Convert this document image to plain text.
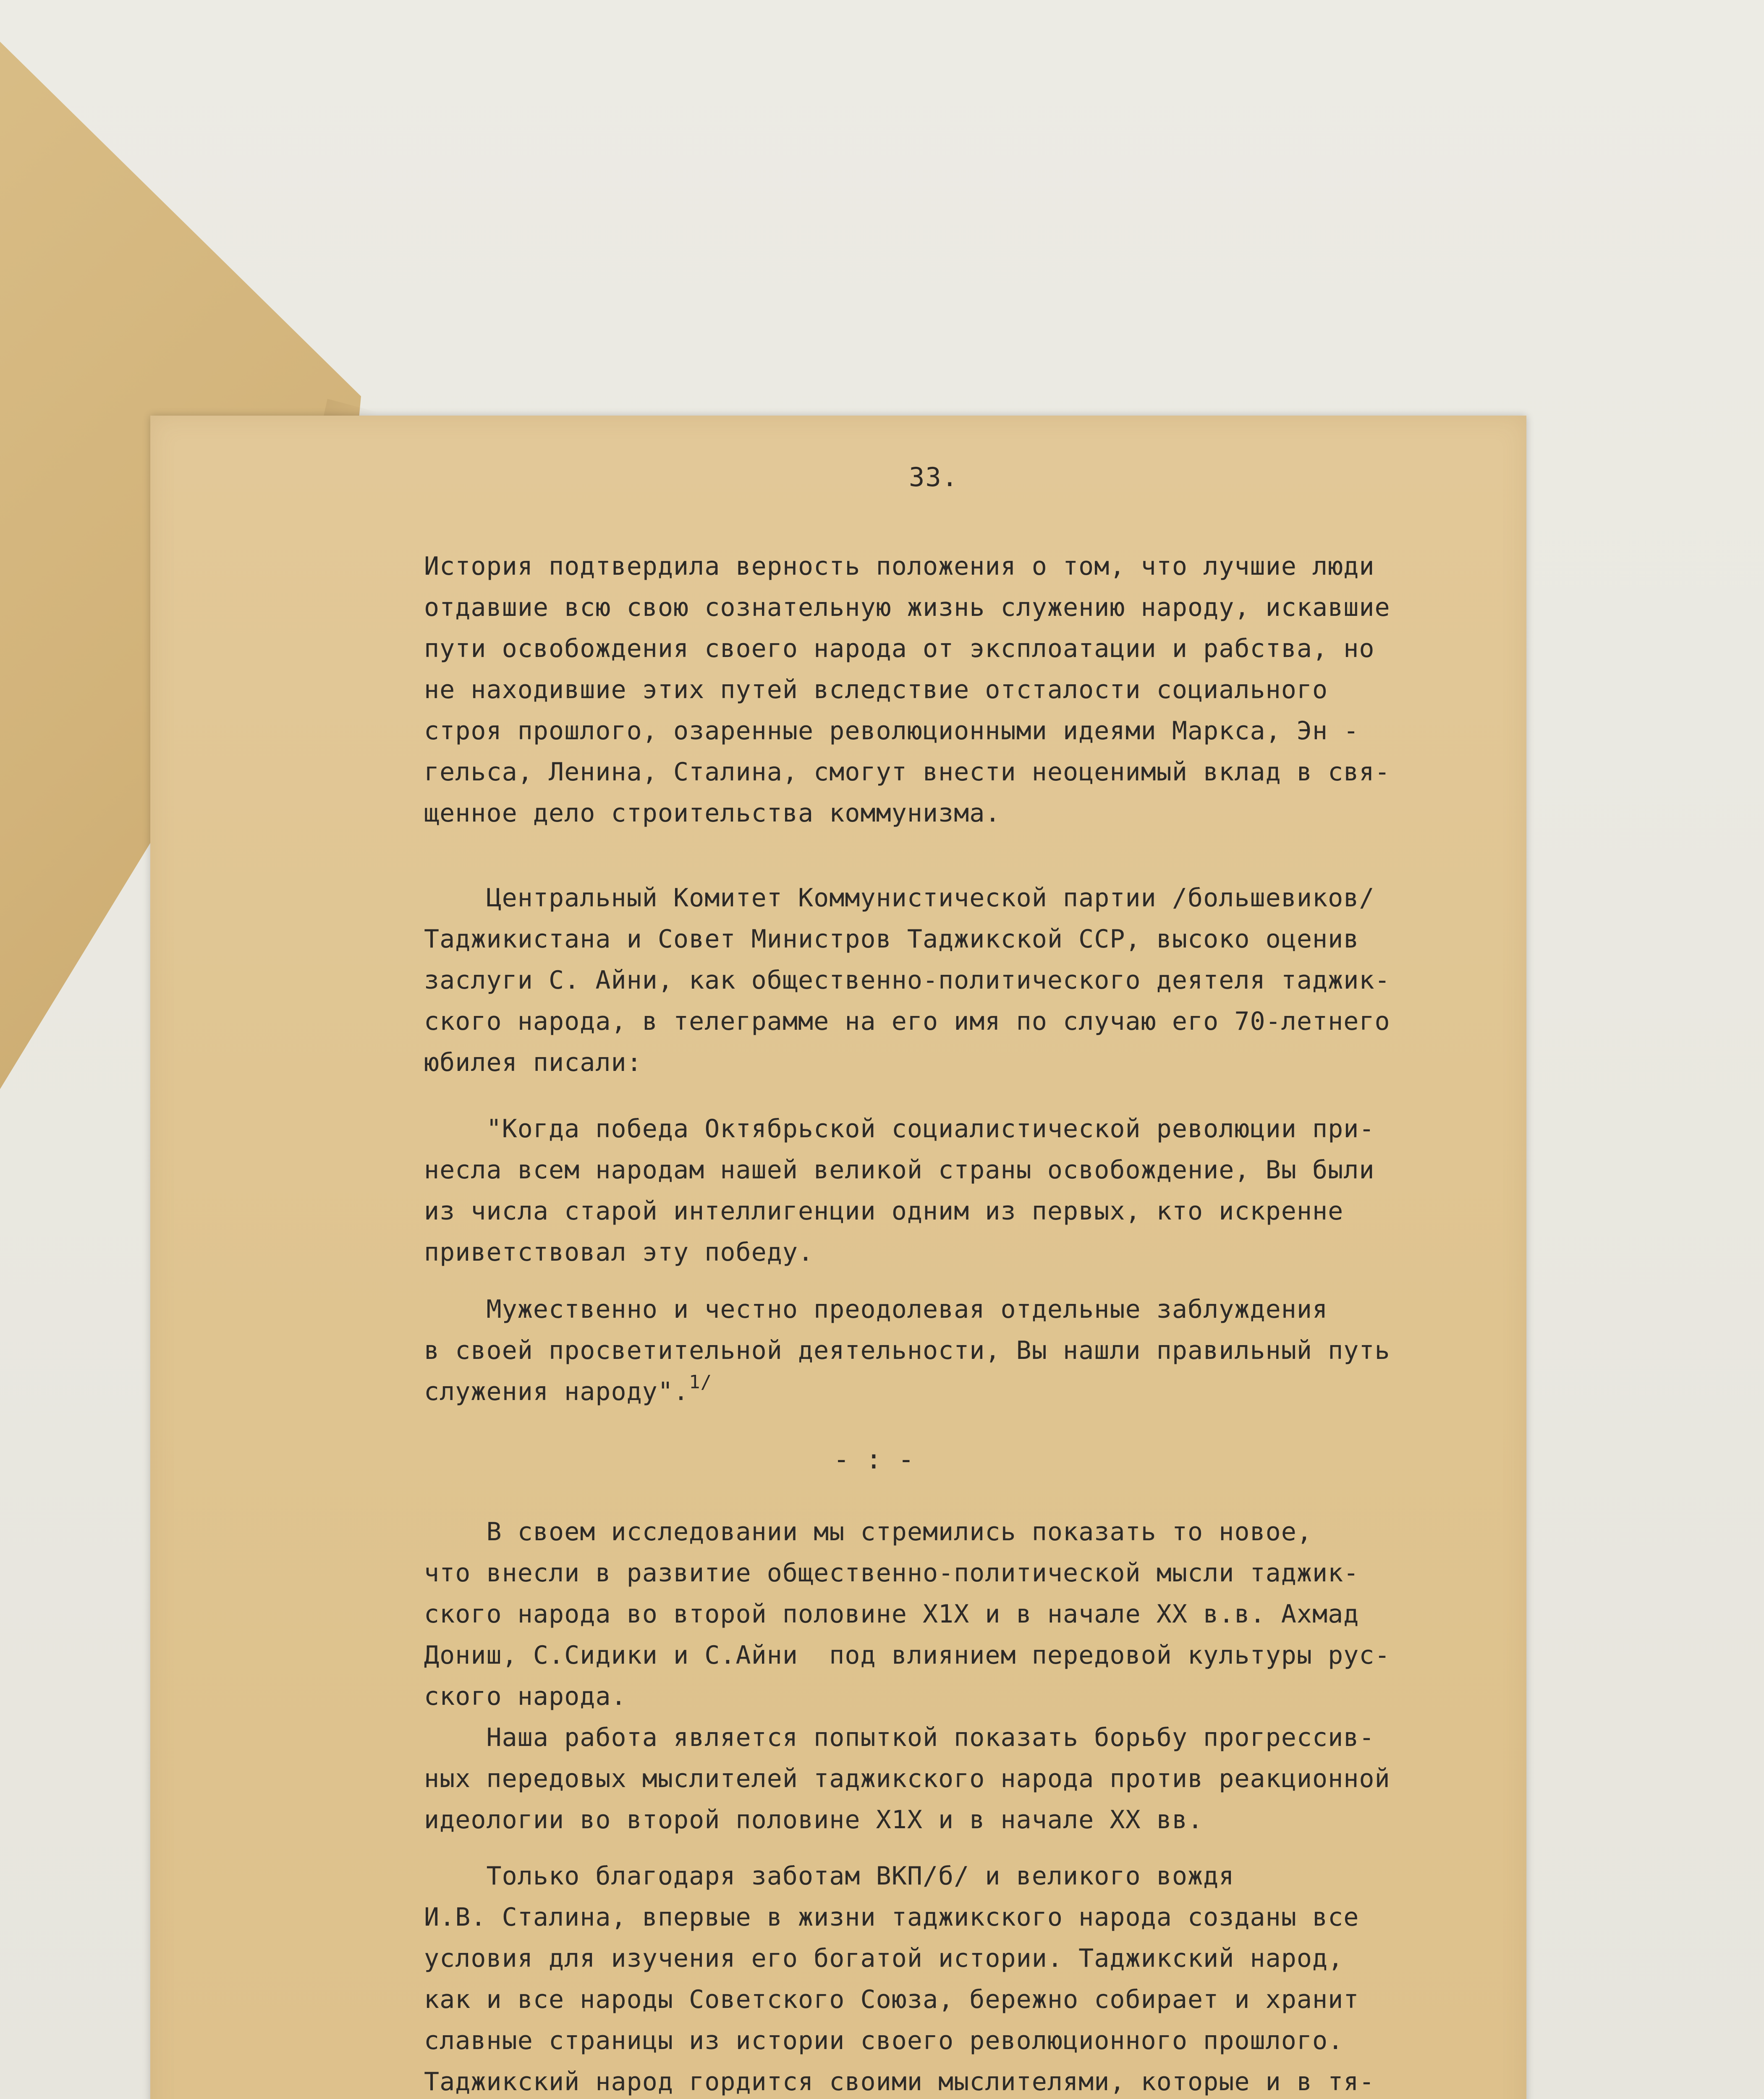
33.

История подтвердила верность положения о том, что лучшие люди

отдавшие всю свою сознательную жизнь служению народу, искавшие

пути освобождения своего народа от эксплоатации и рабства, но

не находившие этих путей вследствие отсталости социального

строя прошлого, озаренные революционными идеями Маркса, Эн -

гельса, Ленина, Сталина, смогут внести неоценимый вклад в свя-

щенное дело строительства коммунизма.

Центральный Комитет Коммунистической партии /большевиков/

Таджикистана и Совет Министров Таджикской ССР, высоко оценив

заслуги С. Айни, как общественно-политического деятеля таджик-

ского народа, в телеграмме на его имя по случаю его 70-летнего

юбилея писали:

"Когда победа Октябрьской социалистической революции при-

несла всем народам нашей великой страны освобождение, Вы были

из числа старой интеллигенции одним из первых, кто искренне

приветствовал эту победу.

Мужественно и честно преодолевая отдельные заблуждения

в своей просветительной деятельности, Вы нашли правильный путь

служения народу".$^{1/}$

- : -

В своем исследовании мы стремились показать то новое,

что внесли в развитие общественно-политической мысли таджик-

ского народа во второй половине X1X и в начале XX в.в. Ахмад

Дониш, С.Сидики и С.Айни  под влиянием передовой культуры рус-

ского народа.

Наша работа является попыткой показать борьбу прогрессив-

ных передовых мыслителей таджикского народа против реакционной

идеологии во второй половине X1X и в начале XX вв.

Только благодаря заботам ВКП/б/ и великого вождя

И.В. Сталина, впервые в жизни таджикского народа созданы все

условия для изучения его богатой истории. Таджикский народ,

как и все народы Советского Союза, бережно собирает и хранит

славные страницы из истории своего революционного прошлого.

Таджикский народ гордится своими мыслителями, которые и в тя-
